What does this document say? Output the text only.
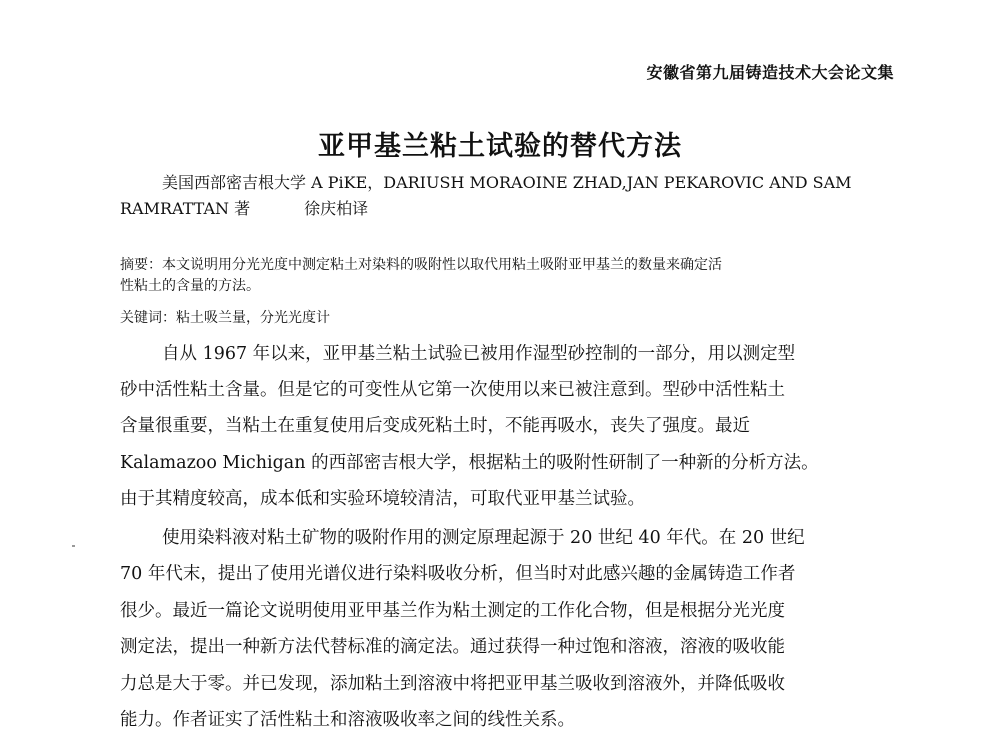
安徽省第九届铸造技术大会论文集
亚甲基兰粘土试验的替代方法
美国西部密吉根大学 A PiKE，DARIUSH MORAOINE ZHAD,JAN PEKAROVIC AND SAM
RAMRATTAN 著	徐庆柏译
摘要：本文说明用分光光度中测定粘土对染料的吸附性以取代用粘土吸附亚甲基兰的数量来确定活
性粘土的含量的方法。
关键词：粘土吸兰量，分光光度计
自从 1967 年以来，亚甲基兰粘土试验已被用作湿型砂控制的一部分，用以测定型
砂中活性粘土含量。但是它的可变性从它第一次使用以来已被注意到。型砂中活性粘土
含量很重要，当粘土在重复使用后变成死粘土时，不能再吸水，丧失了强度。最近
Kalamazoo Michigan 的西部密吉根大学，根据粘土的吸附性研制了一种新的分析方法。
由于其精度较高，成本低和实验环境较清洁，可取代亚甲基兰试验。
使用染料液对粘土矿物的吸附作用的测定原理起源于 20 世纪 40 年代。在 20 世纪
70 年代末，提出了使用光谱仪进行染料吸收分析，但当时对此感兴趣的金属铸造工作者
很少。最近一篇论文说明使用亚甲基兰作为粘土测定的工作化合物，但是根据分光光度
测定法，提出一种新方法代替标准的滴定法。通过获得一种过饱和溶液，溶液的吸收能
力总是大于零。并已发现，添加粘土到溶液中将把亚甲基兰吸收到溶液外，并降低吸收
能力。作者证实了活性粘土和溶液吸收率之间的线性关系。
